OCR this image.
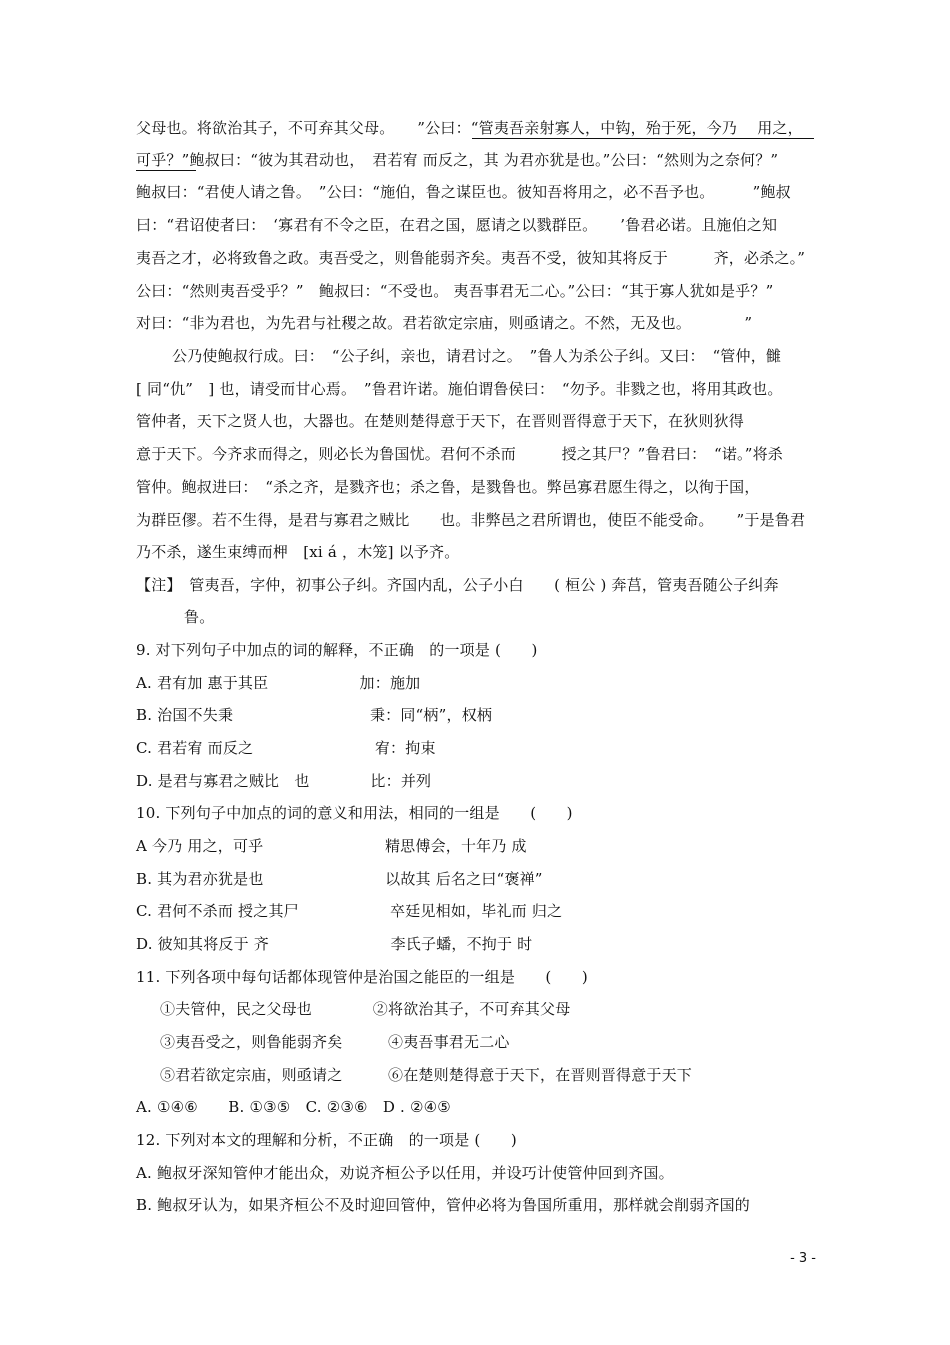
父母也。将欲治其子，不可弃其父母。　　”公曰：“管夷吾亲射寡人，中钩，殆于死，今乃　 用之，
可乎？”鲍叔曰：“彼为其君动也，　君若宥 而反之，其 为君亦犹是也。”公曰：“然则为之奈何？”
鲍叔曰：“君使人请之鲁。　”公曰：“施伯，鲁之谋臣也。彼知吾将用之，必不吾予也。　　　”鲍叔
曰：“君诏使者曰：　‘寡君有不令之臣，在君之国，愿请之以戮群臣。　　’鲁君必诺。且施伯之知
夷吾之才，必将致鲁之政。夷吾受之，则鲁能弱齐矣。夷吾不受，彼知其将反于　　　齐，必杀之。”
公曰：“然则夷吾受乎？”　鲍叔曰：“不受也。 夷吾事君无二心。”公曰：“其于寡人犹如是乎？”
对曰：“非为君也，为先君与社稷之故。君若欲定宗庙，则亟请之。不然，无及也。　　　　”
公乃使鲍叔行成。曰：　“公子纠，亲也，请君讨之。　”鲁人为杀公子纠。又曰：　“管仲，雠
[ 同“仇”　] 也，请受而甘心焉。　”鲁君许诺。施伯谓鲁侯曰：　“勿予。非戮之也，将用其政也。
管仲者，天下之贤人也，大器也。在楚则楚得意于天下，在晋则晋得意于天下，在狄则狄得
意于天下。今齐求而得之，则必长为鲁国忧。君何不杀而　　　授之其尸？”鲁君曰：　“诺。”将杀
管仲。鲍叔进曰：　“杀之齐，是戮齐也；杀之鲁，是戮鲁也。弊邑寡君愿生得之，以徇于国，
为群臣僇。若不生得，是君与寡君之贼比　　也。非弊邑之君所谓也，使臣不能受命。　　”于是鲁君
乃不杀，遂生束缚而柙　[xi á ，木笼] 以予齐。
【注】　管夷吾，字仲，初事公子纠。齐国内乱，公子小白　　( 桓公 ) 奔莒，管夷吾随公子纠奔
鲁。
9. 对下列句子中加点的词的解释，不正确　的一项是 (　　)
A. 君有加 惠于其臣　　　　　　加：施加
B. 治国不失秉　　　　　　　　　秉：同“柄”，权柄
C. 君若宥 而反之　　　　　　　　宥：拘束
D. 是君与寡君之贼比　也　　　　比：并列
10. 下列句子中加点的词的意义和用法，相同的一组是　　(　　)
A 今乃 用之，可乎　　　　　　　　精思傅会，十年乃 成
B. 其为君亦犹是也　　　　　　　　以故其 后名之曰“褒禅”
C. 君何不杀而 授之其尸　　　　　　卒廷见相如，毕礼而 归之
D. 彼知其将反于 齐　　　　　　　　李氏子蟠，不拘于 时
11. 下列各项中每句话都体现管仲是治国之能臣的一组是　　(　　)
①夫管仲，民之父母也　　　　②将欲治其子，不可弃其父母
③夷吾受之，则鲁能弱齐矣　　　④夷吾事君无二心
⑤君若欲定宗庙，则亟请之　　　⑥在楚则楚得意于天下，在晋则晋得意于天下
A. ①④⑥　　B. ①③⑤　C. ②③⑥　D . ②④⑤
12. 下列对本文的理解和分析，不正确　的一项是 (　　)
A. 鲍叔牙深知管仲才能出众，劝说齐桓公予以任用，并设巧计使管仲回到齐国。
B. 鲍叔牙认为，如果齐桓公不及时迎回管仲，管仲必将为鲁国所重用，那样就会削弱齐国的
- 3 -
